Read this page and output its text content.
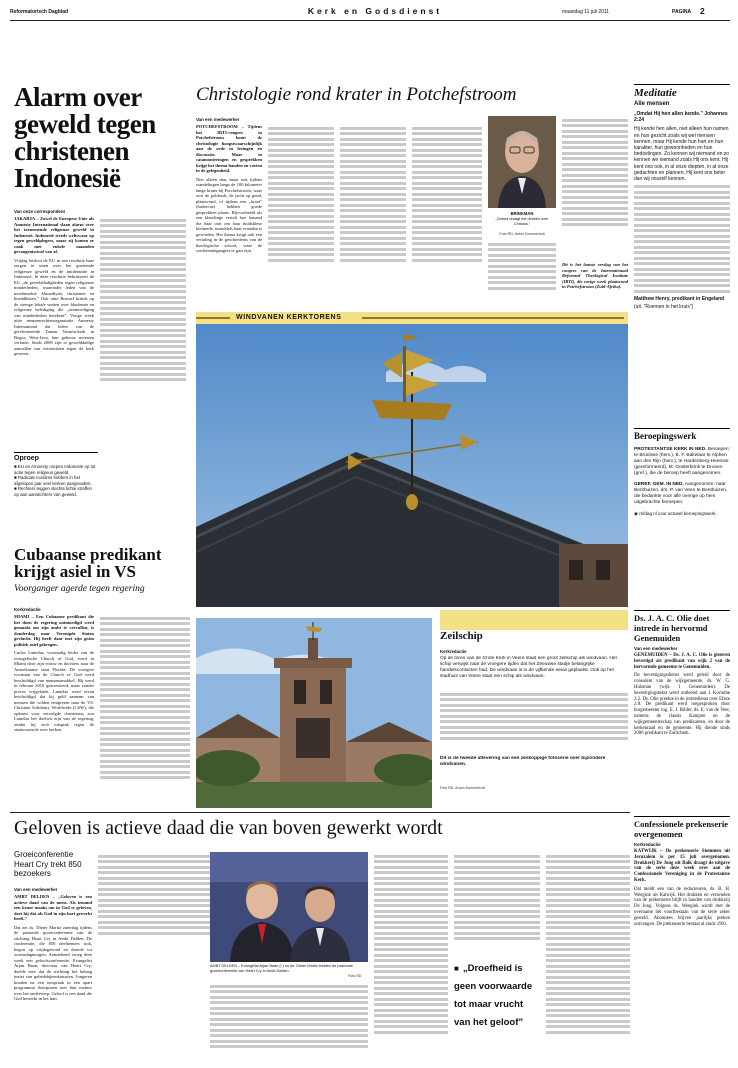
Reformatorisch Dagblad	Kerk en Godsdienst	maandag 11 juli 2011	PAGINA 2
Alarm over geweld tegen christenen Indonesië
Van onze correspondent

JAKARTA – Zowel de Europese Unie als Amnesty International slaan alarm over het toenemende religieuze geweld in Indonesië. Indonesië treedt weliswaar op tegen geweldplegers, maar zij komen er vaak met enkele maanden gevangenisstraf van af.

Vrijdag besloot de EU in een resolutie haar zorgen te uiten over het groeiende religieuze geweld en de intolerantie in Indonesië. In deze resolutie bekritiseert de EU „de gewelddadigheden tegen religieuze minderheden, waaronder leden van de moslimsekte Ahmadiyah, christenen en boeddhisten.” Ook uitte Brussel kritiek op de strenge lokale wetten over blasfemie en religieuze belediging die „ontmoediging van minderheden betekent”. Vorige week uitte mensenrechtenorganisatie Amnesty International dat leden van de gereformeerde Taman Yasmin-kerk in Bogor, West-Java, hun gebouw moesten verlaten. Sinds 2008 zijn er gewelddadige aanvallen van extremisten tegen de kerk geweest.

Oproep
■ EU en Amnesty roepen Indonesië op tot actie tegen religieus geweld.
■ Radicale moslims hebben in het afgelopen jaar veel kerken aangevallen.
■ Rechters leggen slechts lichte straffen op aan aanstichters van geweld.
Christologie rond krater in Potchefstroom
Van een medewerker

POTCHEFSTROOM – Tijdens het IRTI-congres in Potchefstroom komt de christologie hoogstwaarschijnlijk aan de orde in lezingen en discussies. Maar in catamonteringen en gesprekken krijgt het thema handen en voeten in de gelegenheid.

Niet alleen dan, maar ook tijdens wandelingen langs de 100 kilometer lange krater bij Potchefstroom, waar ooit de goldrush, de jacht op goud, plaatsvond, of tijdens een „braai” (barbecue) hebben goede gesprekken plaats. Bijvoorbeeld als een kleurlinge vertelt hoe lemand die haar ooit om haar huidskleur kleinerde, inmiddels haar vriendin is geworden. Het thema krijgt ook een vertaling in de geschiedenis van de theologische school, waar de conferentiegangers te gast zijn.

BRINKMAN
„Gebed draagt het denken over Christus.”
Foto RD, Anton Dommerholt
Dit is het laatste verslag van het congres van de Internationaal Reformed Theological Institute (IRTI), die vorige week plaatsvond in Potchefstroom (Zuid-Afrika).
Meditatie
Alle mensen
„Omdat Hij hen allen kende.” Johannes 2:24
Hij kende hen allen, niet alleen hun namen en hun gezicht zoals wij wel mensen kennen, maar Hij kende hun hart en hun karakter, hun gewoonheden en hun bedoelingen. Zo kennen wij niemand en zo kennen we niemand zoals Hij ons kent. Hij kent ons ook, in al onze diepten, in al onze gedachten en plannen. Hij kent ons beter dan wij onszelf kennen.
Matthew Henry, predikant in Engeland
(uit. “Roemen in het kruis”)
Beroepingswerk
PROTESTANTSE KERK IN NED. Beroepen: te Brunisse (herv.), B. F. Bakelaar te Alphen aan den Rijn (herv.); te Hardenberg-Heemse (gereformeerd), M. Oosterbrink te Drunen (gref.), die de beroep heeft aangenomen.
GEREF. GEM. IN NED. Aangenomen: naar Benthuizen, drs. P. van Veen te Benthuizen, die bedankte voor alle overige op hem uitgebrachte beroepen.
◉ refdag.nl voor actueel beroepingswerk.
WINDVANEN KERKTORENS
Cubaanse predikant krijgt asiel in VS
Voorganger agerde tegen regering
Kerkredactie

MIAMI – Een Cubaanse predikant die het doen de regering ontmoedigd werd gemaakt om zijn ambt te vervullen, is donderdag naar Verenigde Staten gevlucht. Hij heeft daar met zijn gezin politiek asiel gekregen.

Carlos Lamelas, voormalig leider van de evangelische Church of God, werd in Miami door zijn vrouw en dochters naar de Amerikaanse staat Florida. De vroegere voorman van de Church of God werd beschuldigd van mensensmokkel. Hij werd in februari 2010 gearresteerd, maar zonder proces vrijgelaten. Lamelas werd ervan beschuldigd dat hij geld aannam van mensen die wilden emigreren naar de VS. Christian Solidarity Worldwide (CSW), die opkomt voor vervolgde christenen, zou Lamelas het doelwit zijn van de regering, omdat hij zich uitsprak tegen de staatscontrole over kerken.

Zeilschip
Kerkredactie
Op de toren van de Grote Kerk in Veere staat een groot zeilschip als windvaan. Het schip verwijst naar de vroegere tijden dat het Zeeuwse stadje belangrijke handelscontacten had. De windvaan is in de vijftiende eeuw geplaatst. Ook op het stadhuis van Veere staat een schip als windvaan.
Dit is de tweede aflevering van een zeskoppige fotoserie over bijzondere windvanen.
Foto RD, Anton Dommerholt
Ds. J. A. C. Olie doet intrede in hervormd Genemuiden
Van een medewerker
GENEMUIDEN – Ds. J. A. C. Olie is gisteren bevestigd als predikant van wijk 2 van de hervormde gemeente te Genemuiden.
De bevestigingsdienst werd geleid door de consulent van de wijkgemeente, ds. W. G. Hulsman (wijk 1 Genemuiden). De bevestigingstekst werd ontleend aan 1 Korinthe 2:2. Ds. Olie preekte in de intreedienst over Efeze 2:8. De predikant werd toegesproken door burgemeester ing. E. J. Bilder, ds. E. van de Veer, namens de classis Kampen en de wijkgemeenteschap van predikanten, en door de kerkenraad en de gemeente. Hij diende sinds 2006 predikant te Zuilichem.
Geloven is actieve daad die van boven gewerkt wordt
Groeiconferentie Heart Cry trekt 850 bezoekers
Van een medewerker

AMBT DELDEN – „Geloven is een actieve daad van de mens. Als iemand een keuze maakt om in God te geloven, doet hij dat als God in zijn hart gewerkt heeft.”

Dat zei ds. Dieter Maritz zaterdag tijdens de pastorale groeiconferentie van de stichting Heart Cry in Ambt Delden. De conferentie, die 850 deelnemers trok, begon op vrijdagavond en duurde tot woensdagmorgen. Aanstekend vroeg deze week een geloofsconferentie. Evangelist Arjan Baan, directeur van Heart Cry, deelde mee dat de stichting het belang inziet van gebedsbijeenkomsten. Jongeren konden na een toespraak in een apart programma doorpraten met hun mentor over het onderwerp. Geloof is een daad die God bewerkt in het hart.

AMBT DELDEN – Evangelist Arjan Baan (l.) en ds. Dieter Maritz leidden de pastorale groeiconferentie van Heart Cry in Ambt Delden.
Foto RD
■ „Droefheid is geen voorwaarde tot maar vrucht van het geloof”
Confessionele prekenserie overgenomen
Kerkredactie
KATWIJK – De prekenserie Stemmen uit Jeruzalem is per 15 juli overgenomen. Drukkerij De Jong uit Balk draagt de uitgave van de serie deze week over aan de Confessionele Vereniging in de Protestantse Kerk.
Dat meldt een van de redacteuren, ds. B. H. Weegink uit Katwijk. Het drukken en verzenden van de prekenserie blijft in handen van drukkerij De Jong. Volgens ds. Weegink wordt met de overname het voortbestaan van de serie zeker gesteld. Abonnees blijven jaarlijks preken ontvangen. De prekenserie bestaat al sinds 1901.
